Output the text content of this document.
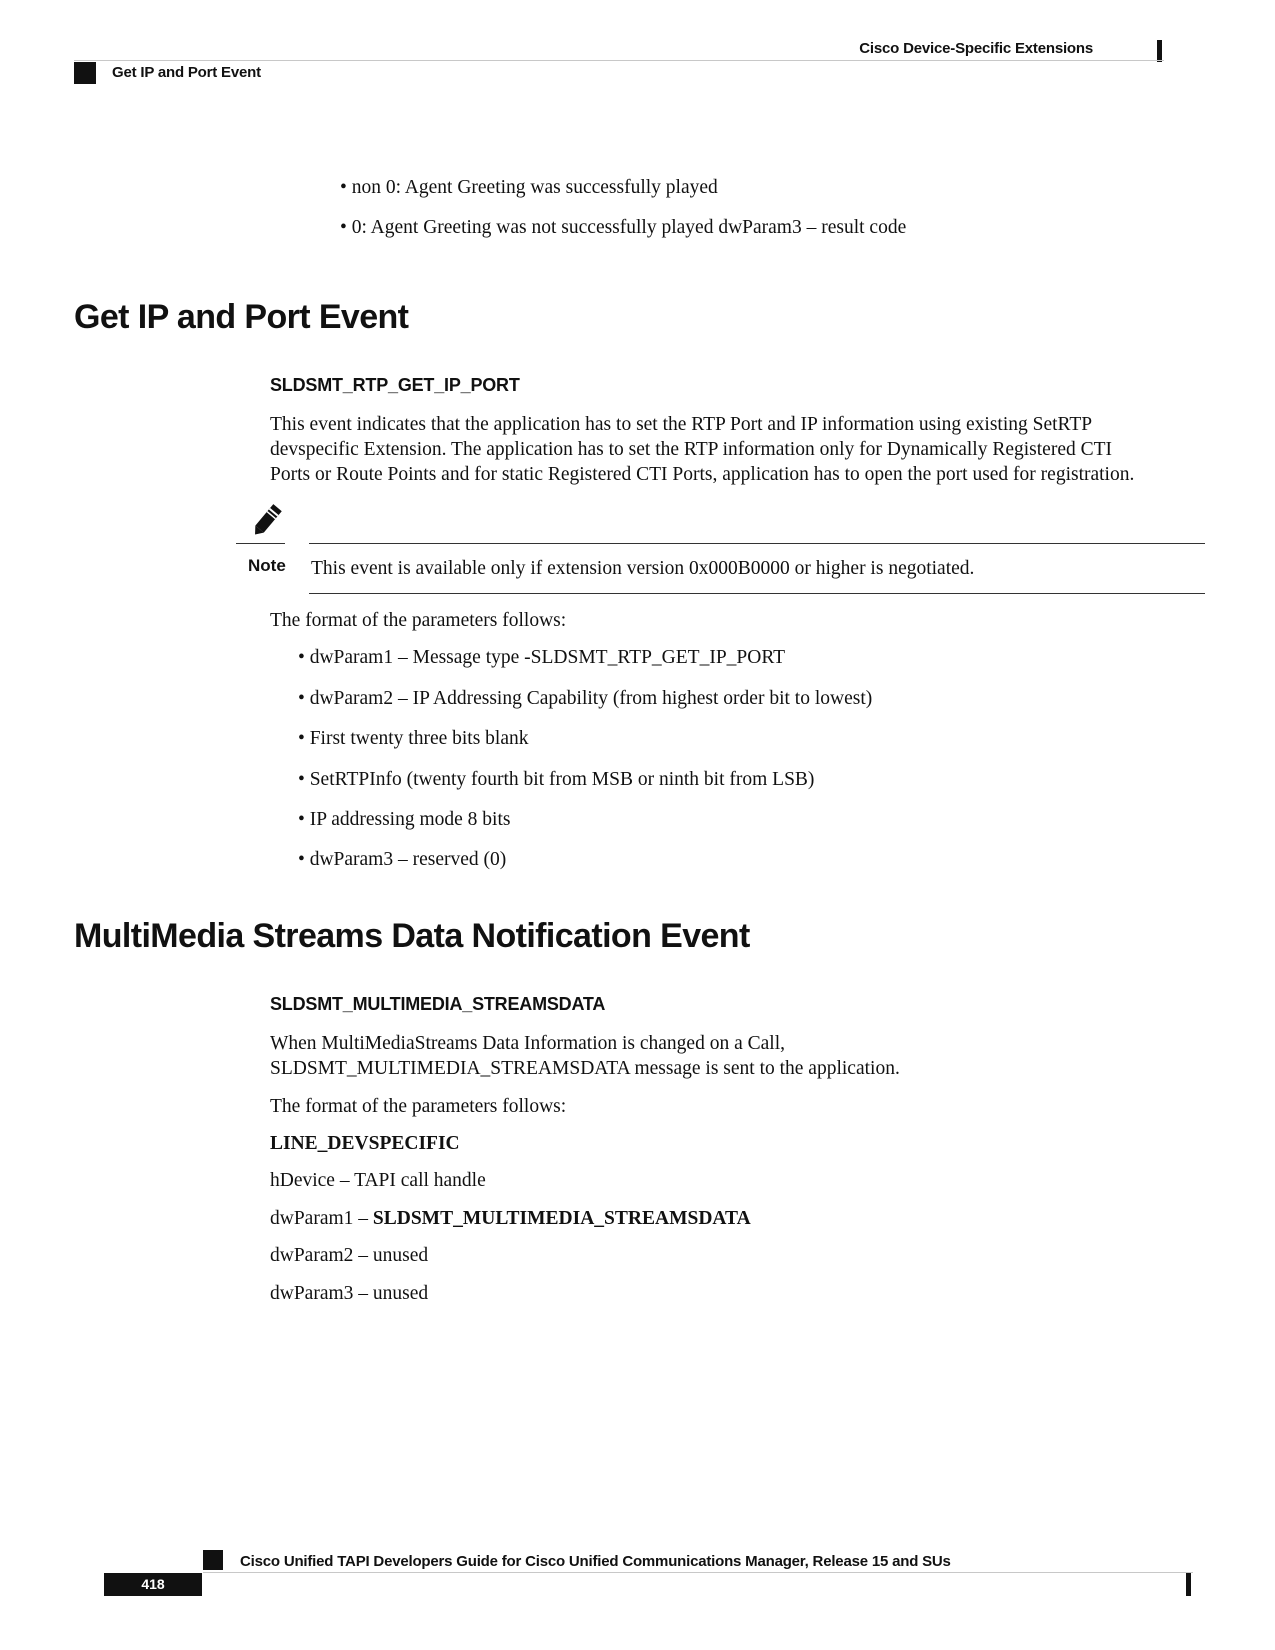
Cisco Device-Specific Extensions
Get IP and Port Event
• non 0: Agent Greeting was successfully played
• 0: Agent Greeting was not successfully played dwParam3 – result code
Get IP and Port Event
SLDSMT_RTP_GET_IP_PORT
This event indicates that the application has to set the RTP Port and IP information using existing SetRTP
devspecific Extension. The application has to set the RTP information only for Dynamically Registered CTI
Ports or Route Points and for static Registered CTI Ports, application has to open the port used for registration.
Note This event is available only if extension version 0x000B0000 or higher is negotiated.
The format of the parameters follows:
• dwParam1 – Message type -SLDSMT_RTP_GET_IP_PORT
• dwParam2 – IP Addressing Capability (from highest order bit to lowest)
• First twenty three bits blank
• SetRTPInfo (twenty fourth bit from MSB or ninth bit from LSB)
• IP addressing mode 8 bits
• dwParam3 – reserved (0)
MultiMedia Streams Data Notification Event
SLDSMT_MULTIMEDIA_STREAMSDATA
When MultiMediaStreams Data Information is changed on a Call,
SLDSMT_MULTIMEDIA_STREAMSDATA message is sent to the application.
The format of the parameters follows:
LINE_DEVSPECIFIC
hDevice – TAPI call handle
dwParam1 – SLDSMT_MULTIMEDIA_STREAMSDATA
dwParam2 – unused
dwParam3 – unused
Cisco Unified TAPI Developers Guide for Cisco Unified Communications Manager, Release 15 and SUs
418
